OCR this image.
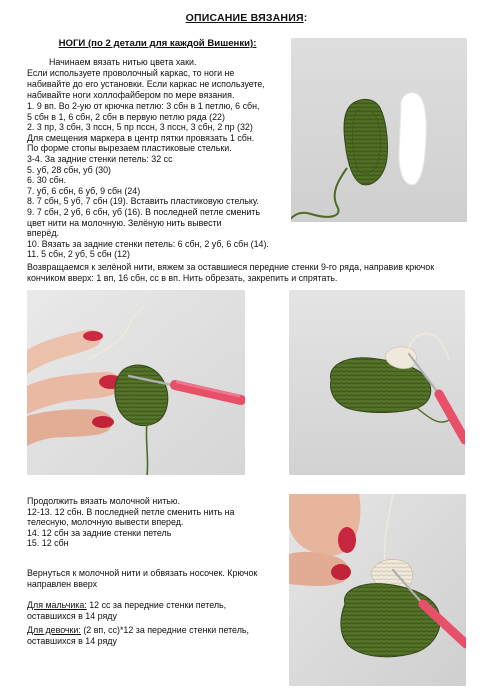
ОПИСАНИЕ ВЯЗАНИЯ:
НОГИ (по 2 детали для каждой Вишенки):
Начинаем вязать нитью цвета хаки.
Если используете проволочный каркас, то ноги не
набивайте до его установки. Если каркас не используете,
набивайте ноги холлофайбером по мере вязания.
1. 9 вп. Во 2-ую от крючка петлю: 3 сбн в 1 петлю, 6 сбн,
5 сбн в 1, 6 сбн, 2 сбн в первую петлю ряда (22)
2. 3 пр, 3 сбн, 3 пссн, 5 пр пссн, 3 пссн, 3 сбн, 2 пр (32)
Для смещения маркера в центр пятки провязать 1 сбн.
По форме стопы вырезаем пластиковые стельки.
3-4. За задние стенки петель: 32 сс
5. уб, 28 сбн, уб (30)
6. 30 сбн.
7. уб, 6 сбн, 6 уб, 9 сбн (24)
8. 7 сбн, 5 уб, 7 сбн (19). Вставить пластиковую стельку.
9. 7 сбн, 2 уб, 6 сбн, уб (16). В последней петле сменить
цвет нити на молочную. Зелёную нить вывести
вперёд.
10. Вязать за задние стенки петель: 6 сбн, 2 уб, 6 сбн (14).
11. 5 сбн, 2 уб, 5 сбн (12)
Возвращаемся к зелёной нити, вяжем за оставшиеся передние стенки 9-го ряда, направив крючок
кончиком вверх: 1 вп, 16 сбн, сс в вп. Нить обрезать, закрепить и спрятать.
Продолжить вязать молочной нитью.
12-13. 12 сбн. В последней петле сменить нить на
телесную, молочную вывести вперед.
14. 12 сбн за задние стенки петель
15. 12 сбн
Вернуться к молочной нити и обвязать носочек. Крючок
направлен вверх
Для мальчика: 12 сс за передние стенки петель,
оставшихся в 14 ряду
Для девочки: (2 вп, сс)*12 за передние стенки петель,
оставшихся в 14 ряду
